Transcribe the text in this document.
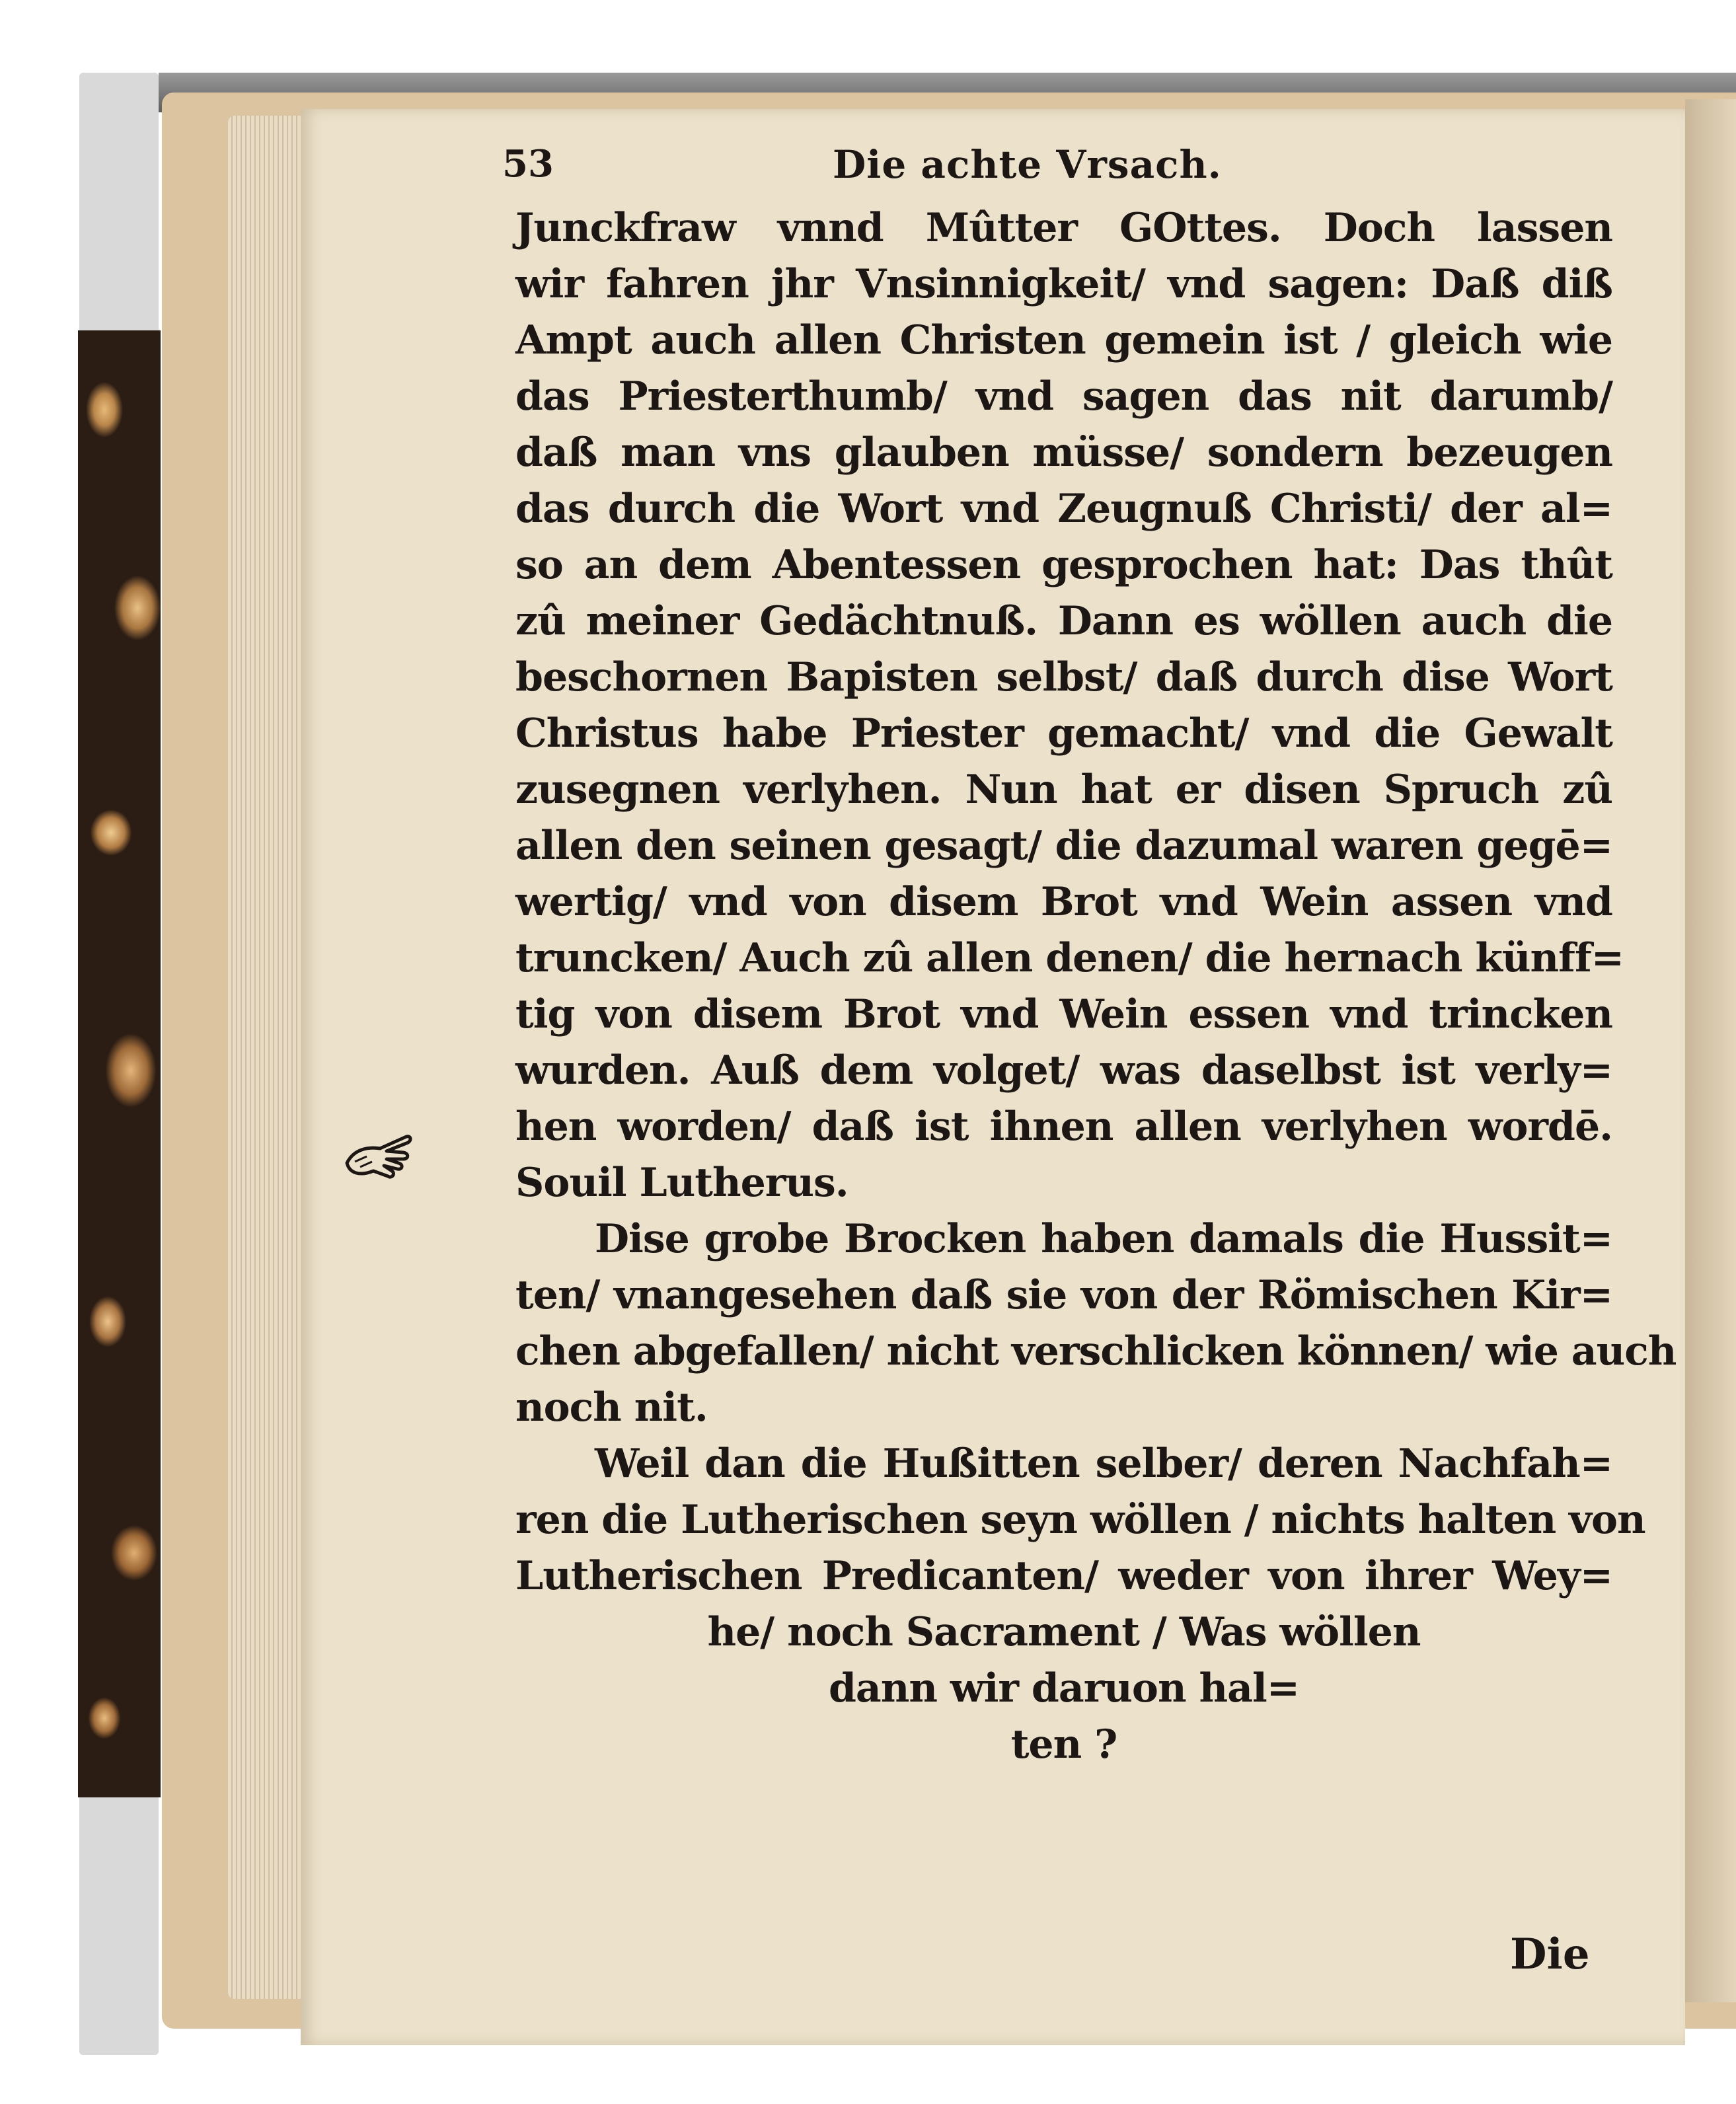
53	Die achte Vrsach.
Junckfraw vnnd Mûtter GOttes. Doch lassen
wir fahren jhr Vnsinnigkeit/ vnd sagen: Daß diß
Ampt auch allen Christen gemein ist / gleich wie
das Priesterthumb/ vnd sagen das nit darumb/
daß man vns glauben müsse/ sondern bezeugen
das durch die Wort vnd Zeugnuß Christi/ der al=
so an dem Abentessen gesprochen hat: Das thût
zû meiner Gedächtnuß. Dann es wöllen auch die
beschornen Bapisten selbst/ daß durch dise Wort
Christus habe Priester gemacht/ vnd die Gewalt
zusegnen verlyhen. Nun hat er disen Spruch zû
allen den seinen gesagt/ die dazumal waren gegē=
wertig/ vnd von disem Brot vnd Wein assen vnd
truncken/ Auch zû allen denen/ die hernach künff=
tig von disem Brot vnd Wein essen vnd trincken
wurden. Auß dem volget/ was daselbst ist verly=
hen worden/ daß ist ihnen allen verlyhen wordē.
Souil Lutherus.
Dise grobe Brocken haben damals die Hussit=
ten/ vnangesehen daß sie von der Römischen Kir=
chen abgefallen/ nicht verschlicken können/ wie auch
noch nit.
Weil dan die Hußitten selber/ deren Nachfah=
ren die Lutherischen seyn wöllen / nichts halten von
Lutherischen Predicanten/ weder von ihrer Wey=
he/ noch Sacrament / Was wöllen
dann wir daruon hal=
ten ?
Die
